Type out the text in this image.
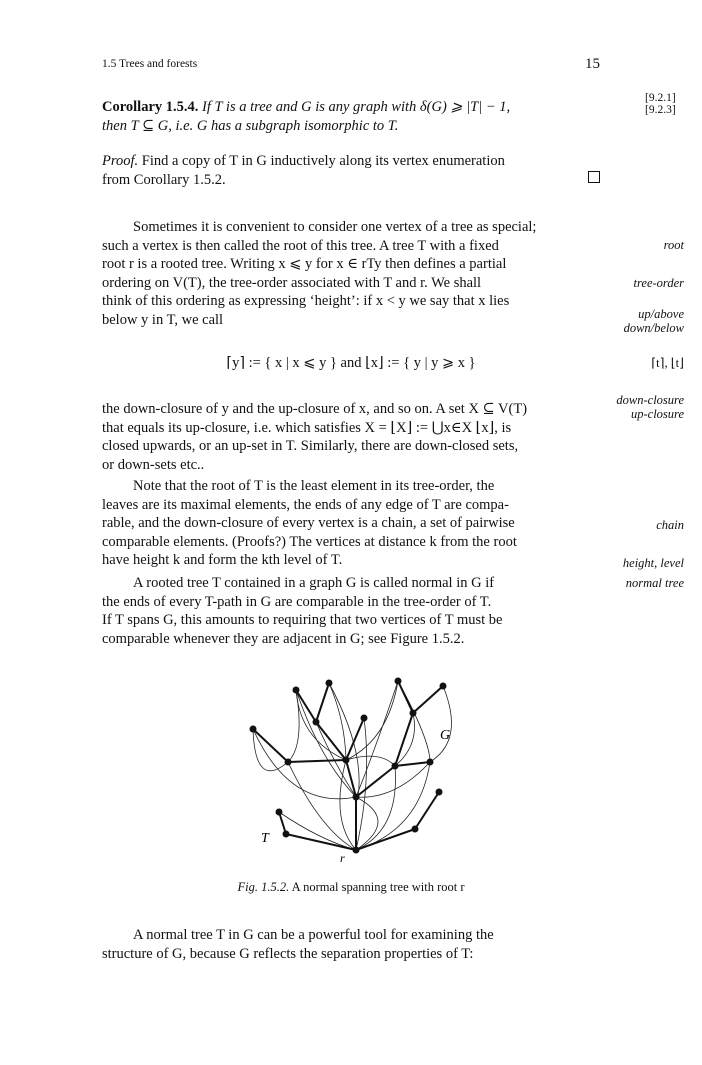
1.5 Trees and forests	15
[9.2.1]
[9.2.3]
Corollary 1.5.4. If T is a tree and G is any graph with δ(G) ⩾ |T| − 1,
then T ⊆ G, i.e. G has a subgraph isomorphic to T.
Proof. Find a copy of T in G inductively along its vertex enumeration
from Corollary 1.5.2.
Sometimes it is convenient to consider one vertex of a tree as special;
such a vertex is then called the root of this tree. A tree T with a fixed
root r is a rooted tree. Writing x ⩽ y for x ∈ rTy then defines a partial
ordering on V(T), the tree-order associated with T and r. We shall
think of this ordering as expressing ‘height’: if x < y we say that x lies
below y in T, we call
root
tree-order
up/above
down/below
⌈y⌉ := { x | x ⩽ y } and ⌊x⌋ := { y | y ⩾ x }	⌈t⌉, ⌊t⌋
the down-closure of y and the up-closure of x, and so on. A set X ⊆ V(T)
that equals its up-closure, i.e. which satisfies X = ⌊X⌋ := ⋃x∈X ⌊x⌋, is
closed upwards, or an up-set in T. Similarly, there are down-closed sets,
or down-sets etc..
down-closure
up-closure
Note that the root of T is the least element in its tree-order, the
leaves are its maximal elements, the ends of any edge of T are compa-
rable, and the down-closure of every vertex is a chain, a set of pairwise
comparable elements. (Proofs?) The vertices at distance k from the root
have height k and form the kth level of T.
chain
height, level
A rooted tree T contained in a graph G is called normal in G if
the ends of every T-path in G are comparable in the tree-order of T.
If T spans G, this amounts to requiring that two vertices of T must be
comparable whenever they are adjacent in G; see Figure 1.5.2.
normal tree
G
T
r
Fig. 1.5.2. A normal spanning tree with root r
A normal tree T in G can be a powerful tool for examining the
structure of G, because G reflects the separation properties of T:
